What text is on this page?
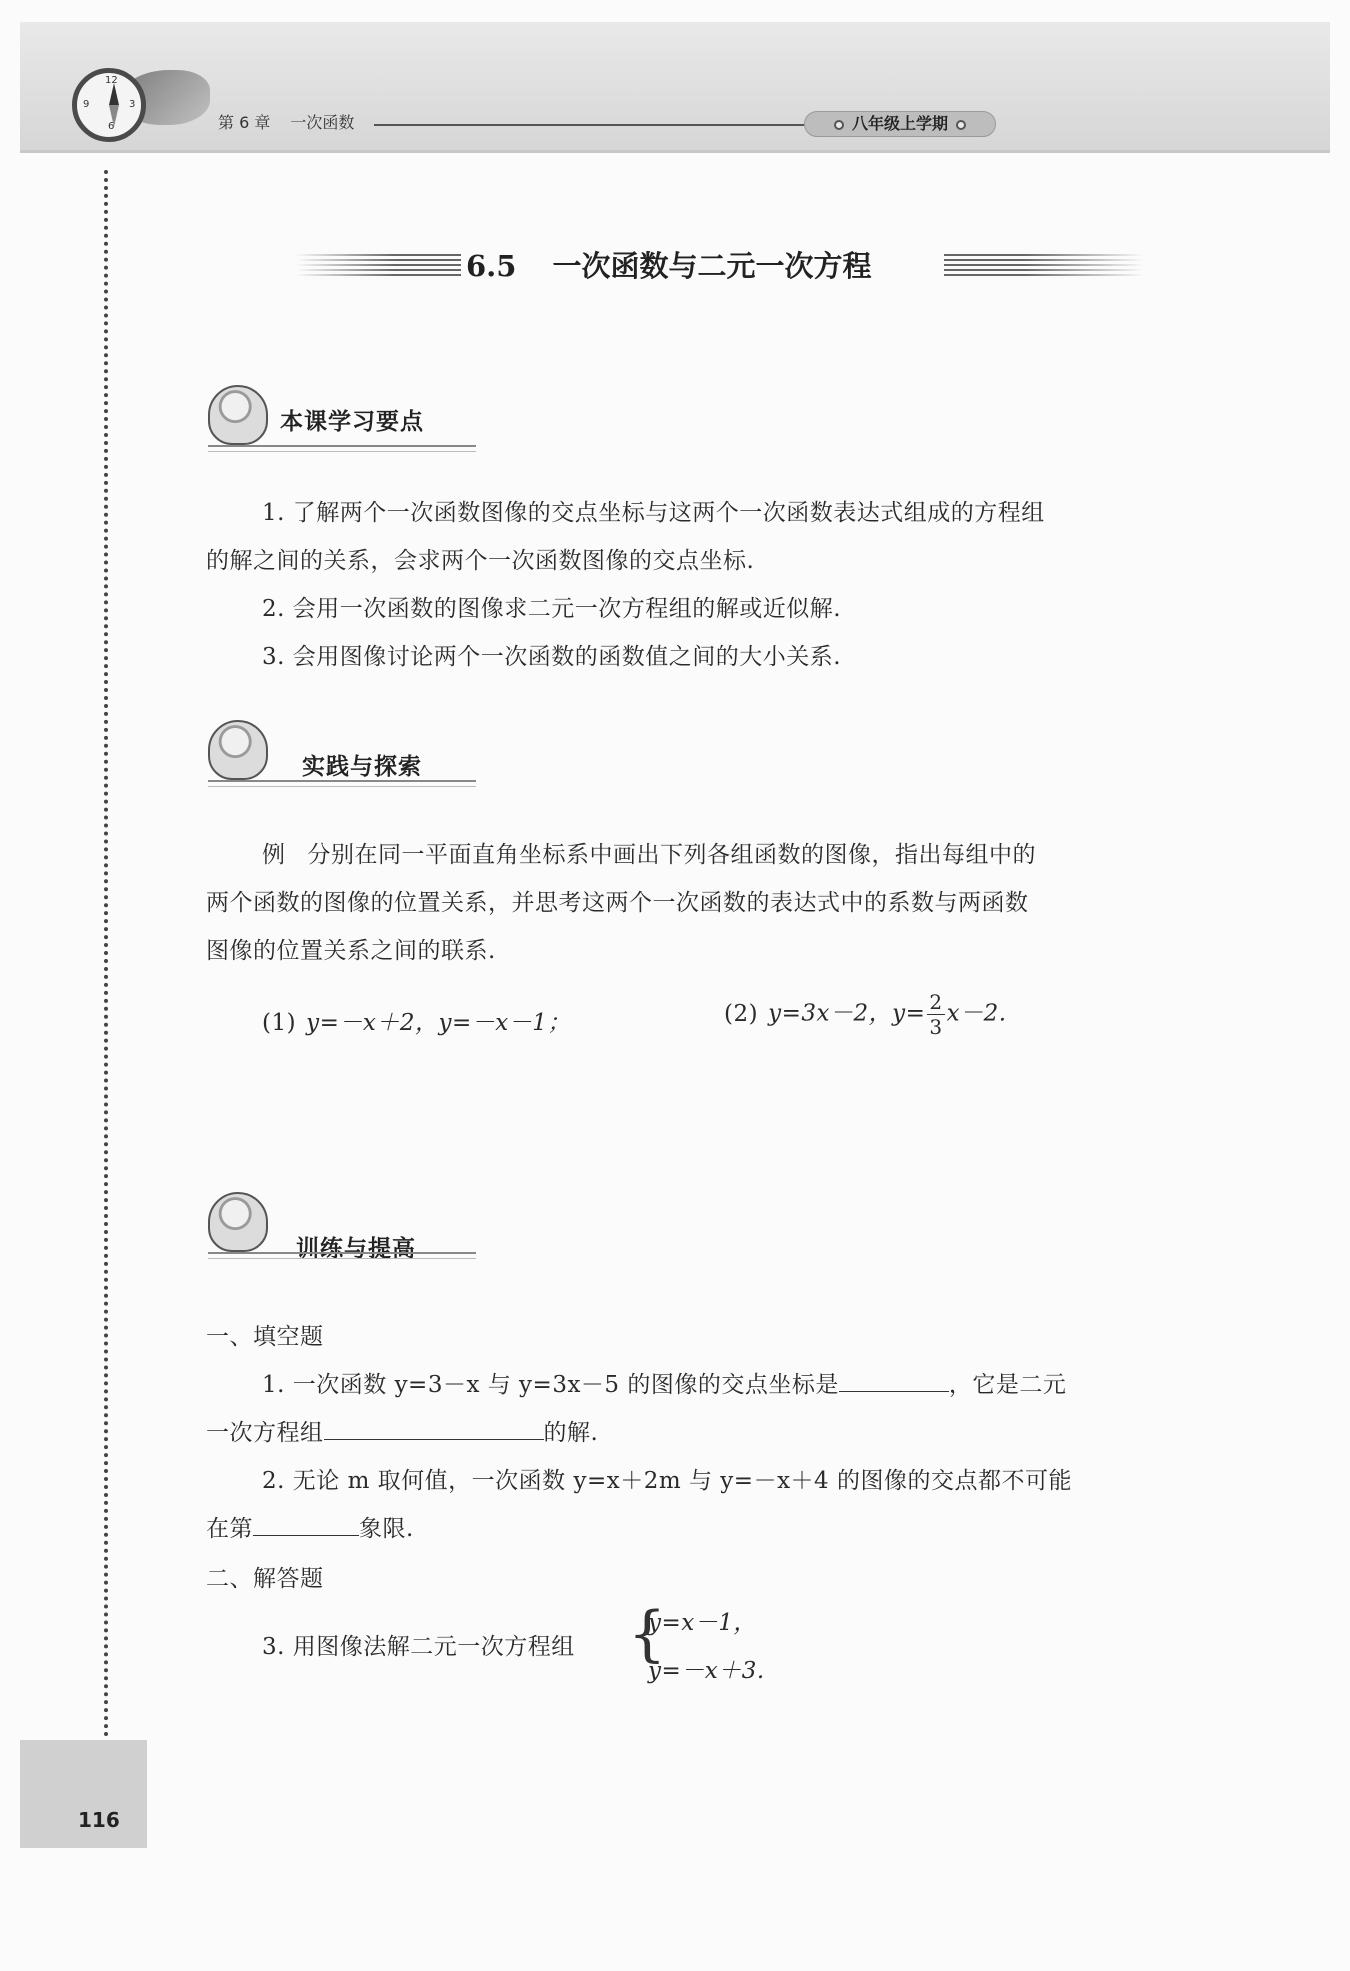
12
3
6
9
第 6 章 一次函数	八年级上学期
6.5 一次函数与二元一次方程
本课学习要点
1. 了解两个一次函数图像的交点坐标与这两个一次函数表达式组成的方程组
的解之间的关系，会求两个一次函数图像的交点坐标.
2. 会用一次函数的图像求二元一次方程组的解或近似解.
3. 会用图像讨论两个一次函数的函数值之间的大小关系.
实践与探索
例 分别在同一平面直角坐标系中画出下列各组函数的图像，指出每组中的
两个函数的图像的位置关系，并思考这两个一次函数的表达式中的系数与两函数
图像的位置关系之间的联系.
(1) y=－x＋2，y=－x－1；	(2) y=3x－2，$y= \frac{2}{3} x-2$.
训练与提高
一、填空题
1. 一次函数 y=3－x 与 y=3x－5 的图像的交点坐标是	，它是二元
一次方程组	的解.
2. 无论 m 取何值，一次函数 y=x＋2m 与 y=－x＋4 的图像的交点都不可能
在第	象限.
二、解答题
3. 用图像法解二元一次方程组 {
y=x－1，
y=－x＋3.
116
